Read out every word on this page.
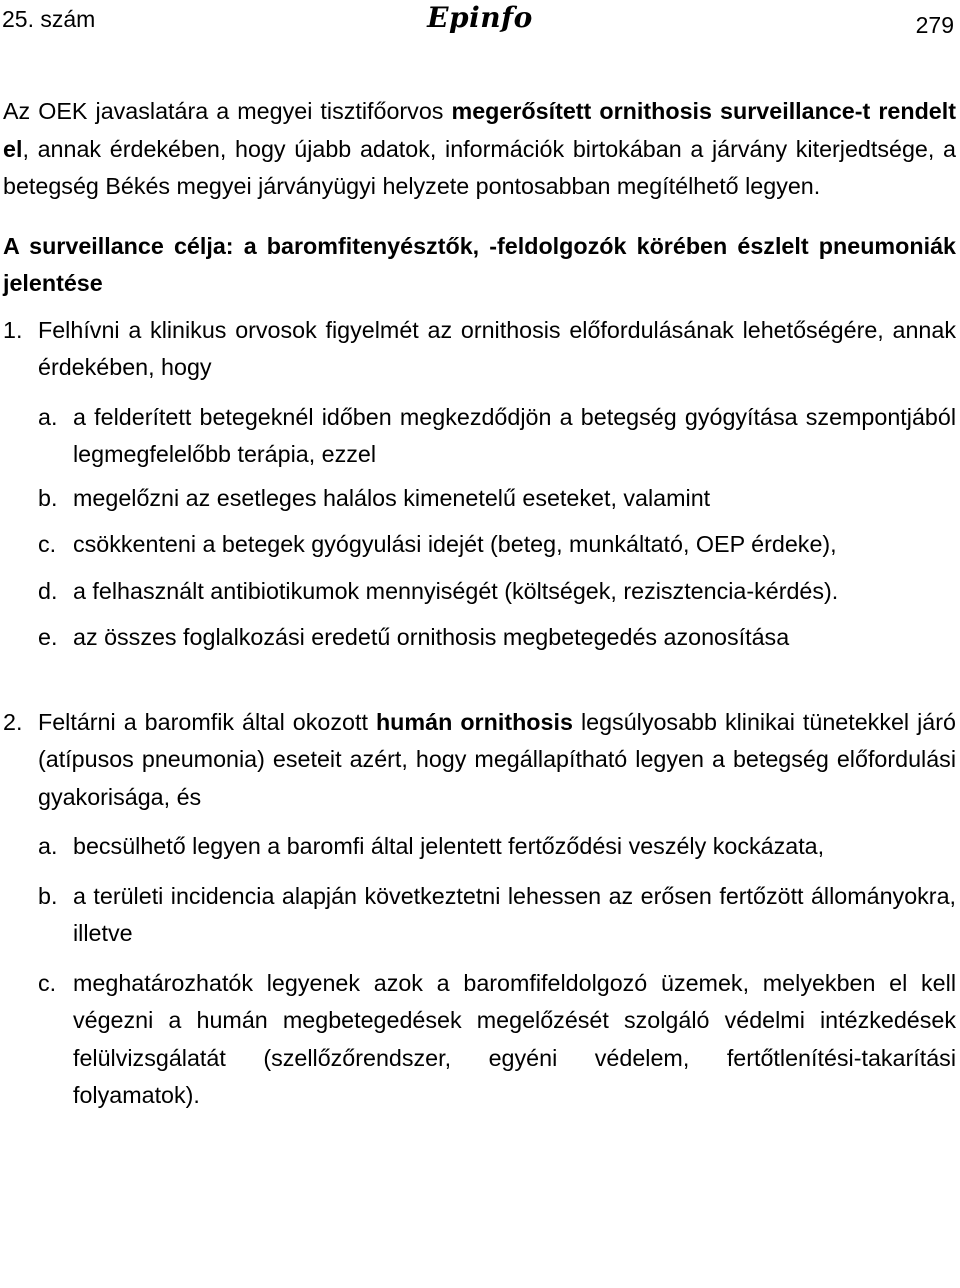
25. szám	Epinfo	279

Az OEK javaslatára a megyei tisztifőorvos megerősített ornithosis surveillance-t rendelt el, annak érdekében, hogy újabb adatok, információk birtokában a járvány kiterjedtsége, a betegség Békés megyei járványügyi helyzete pontosabban megítélhető legyen.

A surveillance célja: a baromfitenyésztők, -feldolgozók körében észlelt pneumoniák jelentése

1. Felhívni a klinikus orvosok figyelmét az ornithosis előfordulásának lehetőségére, annak érdekében, hogy

a. a felderített betegeknél időben megkezdődjön a betegség gyógyítása szempontjából legmegfelelőbb terápia, ezzel

b. megelőzni az esetleges halálos kimenetelű eseteket, valamint

c. csökkenteni a betegek gyógyulási idejét (beteg, munkáltató, OEP érdeke),

d. a felhasznált antibiotikumok mennyiségét (költségek, rezisztencia-kérdés).

e. az összes foglalkozási eredetű ornithosis megbetegedés azonosítása

2. Feltárni a baromfik által okozott humán ornithosis legsúlyosabb klinikai tünetekkel járó (atípusos pneumonia) eseteit azért, hogy megállapítható legyen a betegség előfordulási gyakorisága, és

a. becsülhető legyen a baromfi által jelentett fertőződési veszély kockázata,

b. a területi incidencia alapján következtetni lehessen az erősen fertőzött állományokra, illetve

c. meghatározhatók legyenek azok a baromfifeldolgozó üzemek, melyekben el kell végezni a humán megbetegedések megelőzését szolgáló védelmi intézkedések felülvizsgálatát (szellőzőrendszer, egyéni védelem, fertőtlenítési-takarítási folyamatok).
